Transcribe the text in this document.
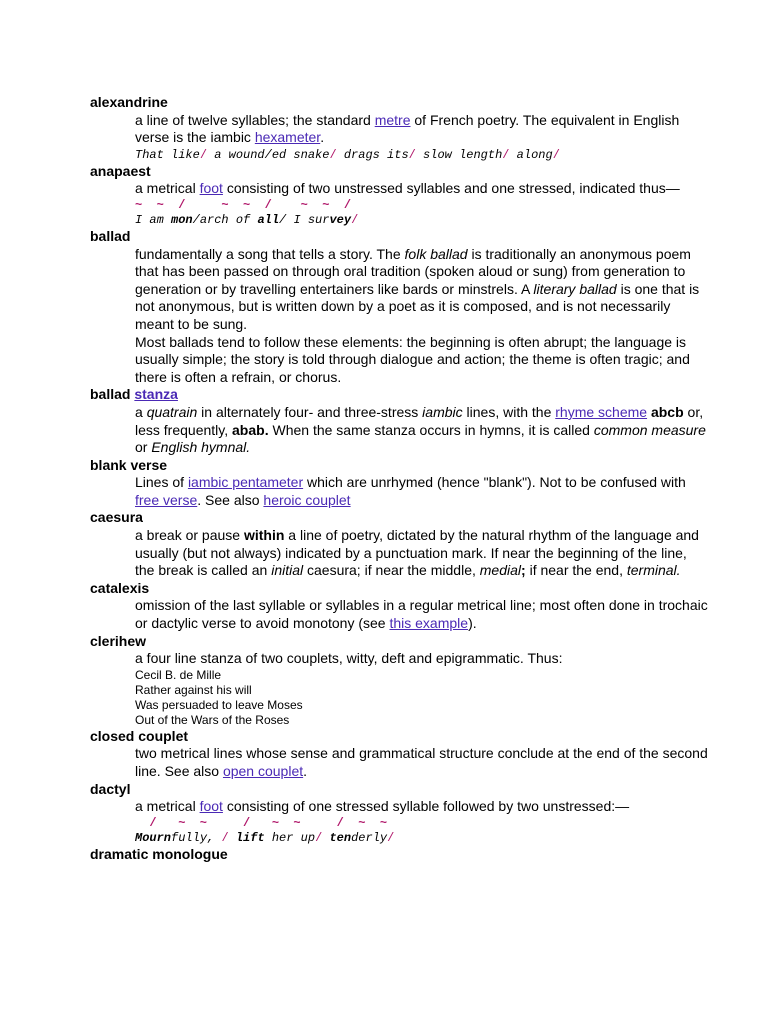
alexandrine
a line of twelve syllables; the standard metre of French poetry. The equivalent in English verse is the iambic hexameter.
That like/ a wound/ed snake/ drags its/ slow length/ along/
anapaest
a metrical foot consisting of two unstressed syllables and one stressed, indicated thus—
~  ~  /     ~  ~  /    ~  ~  /
I am mon/arch of all/ I survey/
ballad
fundamentally a song that tells a story. The folk ballad is traditionally an anonymous poem that has been passed on through oral tradition (spoken aloud or sung) from generation to generation or by travelling entertainers like bards or minstrels. A literary ballad is one that is not anonymous, but is written down by a poet as it is composed, and is not necessarily meant to be sung.
Most ballads tend to follow these elements: the beginning is often abrupt; the language is usually simple; the story is told through dialogue and action; the theme is often tragic; and there is often a refrain, or chorus.
ballad stanza
a quatrain in alternately four- and three-stress iambic lines, with the rhyme scheme abcb or, less frequently, abab. When the same stanza occurs in hymns, it is called common measure or English hymnal.
blank verse
Lines of iambic pentameter which are unrhymed (hence "blank"). Not to be confused with free verse. See also heroic couplet
caesura
a break or pause within a line of poetry, dictated by the natural rhythm of the language and usually (but not always) indicated by a punctuation mark. If near the beginning of the line, the break is called an initial caesura; if near the middle, medial; if near the end, terminal.
catalexis
omission of the last syllable or syllables in a regular metrical line; most often done in trochaic or dactylic verse to avoid monotony (see this example).
clerihew
a four line stanza of two couplets, witty, deft and epigrammatic. Thus:
Cecil B. de Mille
Rather against his will
Was persuaded to leave Moses
Out of the Wars of the Roses
closed couplet
two metrical lines whose sense and grammatical structure conclude at the end of the second line. See also open couplet.
dactyl
a metrical foot consisting of one stressed syllable followed by two unstressed:—
/   ~  ~     /   ~  ~     /  ~  ~
Mournfully, / lift her up/ tenderly/
dramatic monologue
